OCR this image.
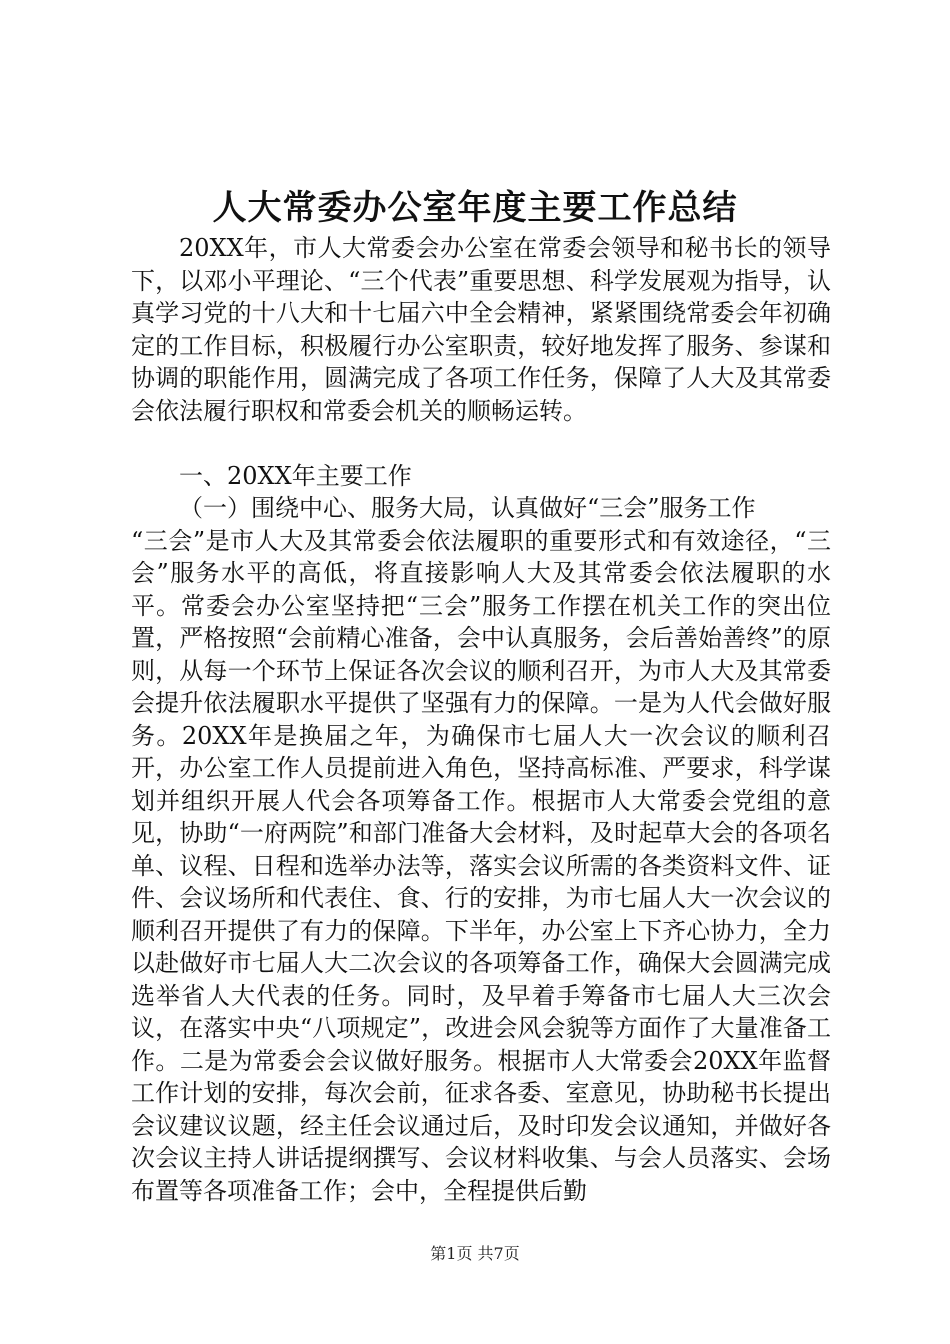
人大常委办公室年度主要工作总结

20XX年，市人大常委会办公室在常委会领导和秘书长的领导下，以邓小平理论、“三个代表”重要思想、科学发展观为指导，认真学习党的十八大和十七届六中全会精神，紧紧围绕常委会年初确定的工作目标，积极履行办公室职责，较好地发挥了服务、参谋和协调的职能作用，圆满完成了各项工作任务，保障了人大及其常委会依法履行职权和常委会机关的顺畅运转。

一、20XX年主要工作

（一）围绕中心、服务大局，认真做好“三会”服务工作

“三会”是市人大及其常委会依法履职的重要形式和有效途径，“三会”服务水平的高低，将直接影响人大及其常委会依法履职的水平。常委会办公室坚持把“三会”服务工作摆在机关工作的突出位置，严格按照“会前精心准备，会中认真服务，会后善始善终”的原则，从每一个环节上保证各次会议的顺利召开，为市人大及其常委会提升依法履职水平提供了坚强有力的保障。一是为人代会做好服务。20XX年是换届之年，为确保市七届人大一次会议的顺利召开，办公室工作人员提前进入角色，坚持高标准、严要求，科学谋划并组织开展人代会各项筹备工作。根据市人大常委会党组的意见，协助“一府两院”和部门准备大会材料，及时起草大会的各项名单、议程、日程和选举办法等，落实会议所需的各类资料文件、证件、会议场所和代表住、食、行的安排，为市七届人大一次会议的顺利召开提供了有力的保障。下半年，办公室上下齐心协力，全力以赴做好市七届人大二次会议的各项筹备工作，确保大会圆满完成选举省人大代表的任务。同时，及早着手筹备市七届人大三次会议，在落实中央“八项规定”，改进会风会貌等方面作了大量准备工作。二是为常委会会议做好服务。根据市人大常委会20XX年监督工作计划的安排，每次会前，征求各委、室意见，协助秘书长提出会议建议议题，经主任会议通过后，及时印发会议通知，并做好各次会议主持人讲话提纲撰写、会议材料收集、与会人员落实、会场布置等各项准备工作；会中，全程提供后勤

第1页 共7页
